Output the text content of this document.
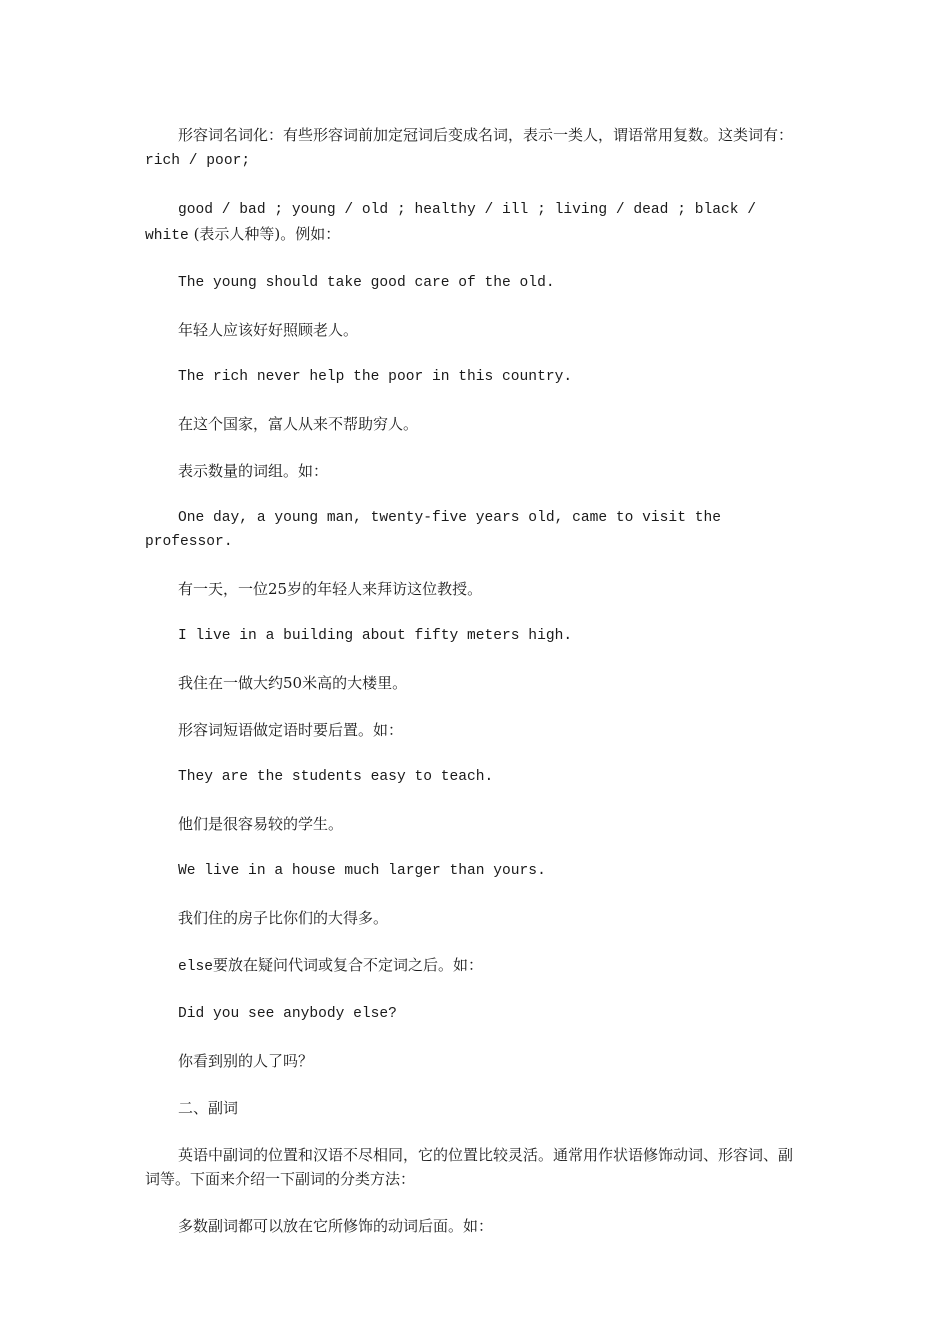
形容词名词化：有些形容词前加定冠词后变成名词，表示一类人，谓语常用复数。这类词有：rich / poor;

good / bad ; young / old ; healthy / ill ; living / dead ; black / white (表示人种等)。例如：

The young should take good care of the old.

年轻人应该好好照顾老人。

The rich never help the poor in this country.

在这个国家，富人从来不帮助穷人。

表示数量的词组。如：

One day, a young man, twenty-five years old, came to visit the professor.

有一天，一位25岁的年轻人来拜访这位教授。

I live in a building about fifty meters high.

我住在一做大约50米高的大楼里。

形容词短语做定语时要后置。如：

They are the students easy to teach.

他们是很容易较的学生。

We live in a house much larger than yours.

我们住的房子比你们的大得多。

else要放在疑问代词或复合不定词之后。如：

Did you see anybody else?

你看到别的人了吗？

二、副词

英语中副词的位置和汉语不尽相同，它的位置比较灵活。通常用作状语修饰动词、形容词、副词等。下面来介绍一下副词的分类方法：

多数副词都可以放在它所修饰的动词后面。如：
